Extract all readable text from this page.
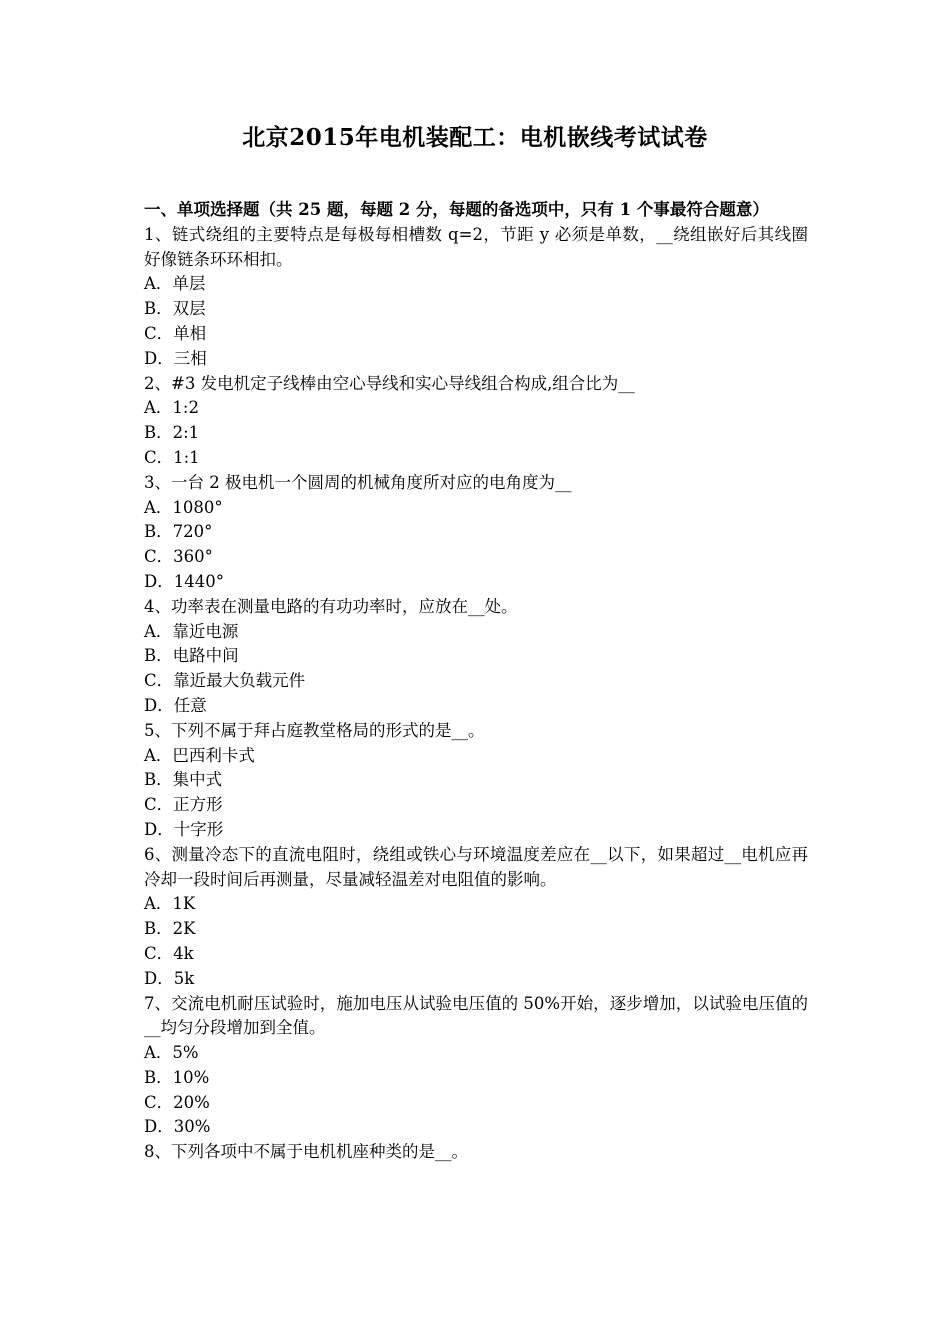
北京2015年电机装配工：电机嵌线考试试卷

一、单项选择题（共 25 题，每题 2 分，每题的备选项中，只有 1 个事最符合题意）

1、链式绕组的主要特点是每极每相槽数 q=2，节距 y 必须是单数，__绕组嵌好后其线圈好像链条环环相扣。

A．单层

B．双层

C．单相

D．三相

2、#3 发电机定子线棒由空心导线和实心导线组合构成,组合比为__

A．1:2

B．2:1

C．1:1

3、一台 2 极电机一个圆周的机械角度所对应的电角度为__

A．1080°

B．720°

C．360°

D．1440°

4、功率表在测量电路的有功功率时，应放在__处。

A．靠近电源

B．电路中间

C．靠近最大负载元件

D．任意

5、下列不属于拜占庭教堂格局的形式的是__。

A．巴西利卡式

B．集中式

C．正方形

D．十字形

6、测量冷态下的直流电阻时，绕组或铁心与环境温度差应在__以下，如果超过__电机应再冷却一段时间后再测量，尽量减轻温差对电阻值的影响。

A．1K

B．2K

C．4k

D．5k

7、交流电机耐压试验时，施加电压从试验电压值的 50%开始，逐步增加，以试验电压值的__均匀分段增加到全值。

A．5%

B．10%

C．20%

D．30%

8、下列各项中不属于电机机座种类的是__。
